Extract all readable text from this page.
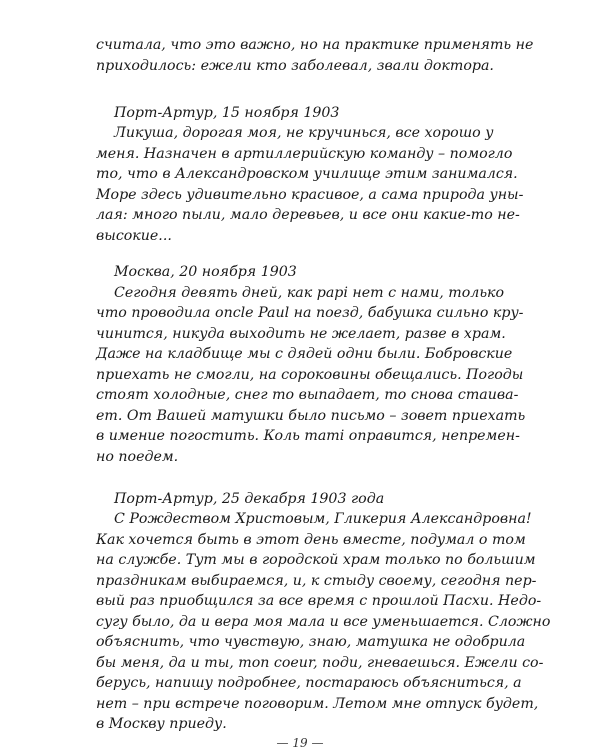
считала, что это важно, но на практике применять не
приходилось: ежели кто заболевал, звали доктора.
Порт-Артур, 15 ноября 1903
Ликуша, дорогая моя, не кручинься, все хорошо у
меня. Назначен в артиллерийскую команду – помогло
то, что в Александровском училище этим занимался.
Море здесь удивительно красивое, а сама природа уны-
лая: много пыли, мало деревьев, и все они какие-то не-
высокие...
Москва, 20 ноября 1903
Сегодня девять дней, как papi нет с нами, только
что проводила oncle Paul на поезд, бабушка сильно кру-
чинится, никуда выходить не желает, разве в храм.
Даже на кладбище мы с дядей одни были. Бобровские
приехать не смогли, на сороковины обещались. Погоды
стоят холодные, снег то выпадает, то снова стаива-
ет. От Вашей матушки было письмо – зовет приехать
в имение погостить. Коль mami оправится, непремен-
но поедем.
Порт-Артур, 25 декабря 1903 года
С Рождеством Христовым, Гликерия Александровна!
Как хочется быть в этот день вместе, подумал о том
на службе. Тут мы в городской храм только по большим
праздникам выбираемся, и, к стыду своему, сегодня пер-
вый раз приобщился за все время с прошлой Пасхи. Недо-
сугу было, да и вера моя мала и все уменьшается. Сложно
объяснить, что чувствую, знаю, матушка не одобрила
бы меня, да и ты, mon coeur, поди, гневаешься. Ежели со-
берусь, напишу подробнее, постараюсь объясниться, а
нет – при встрече поговорим. Летом мне отпуск будет,
в Москву приеду.
— 19 —
